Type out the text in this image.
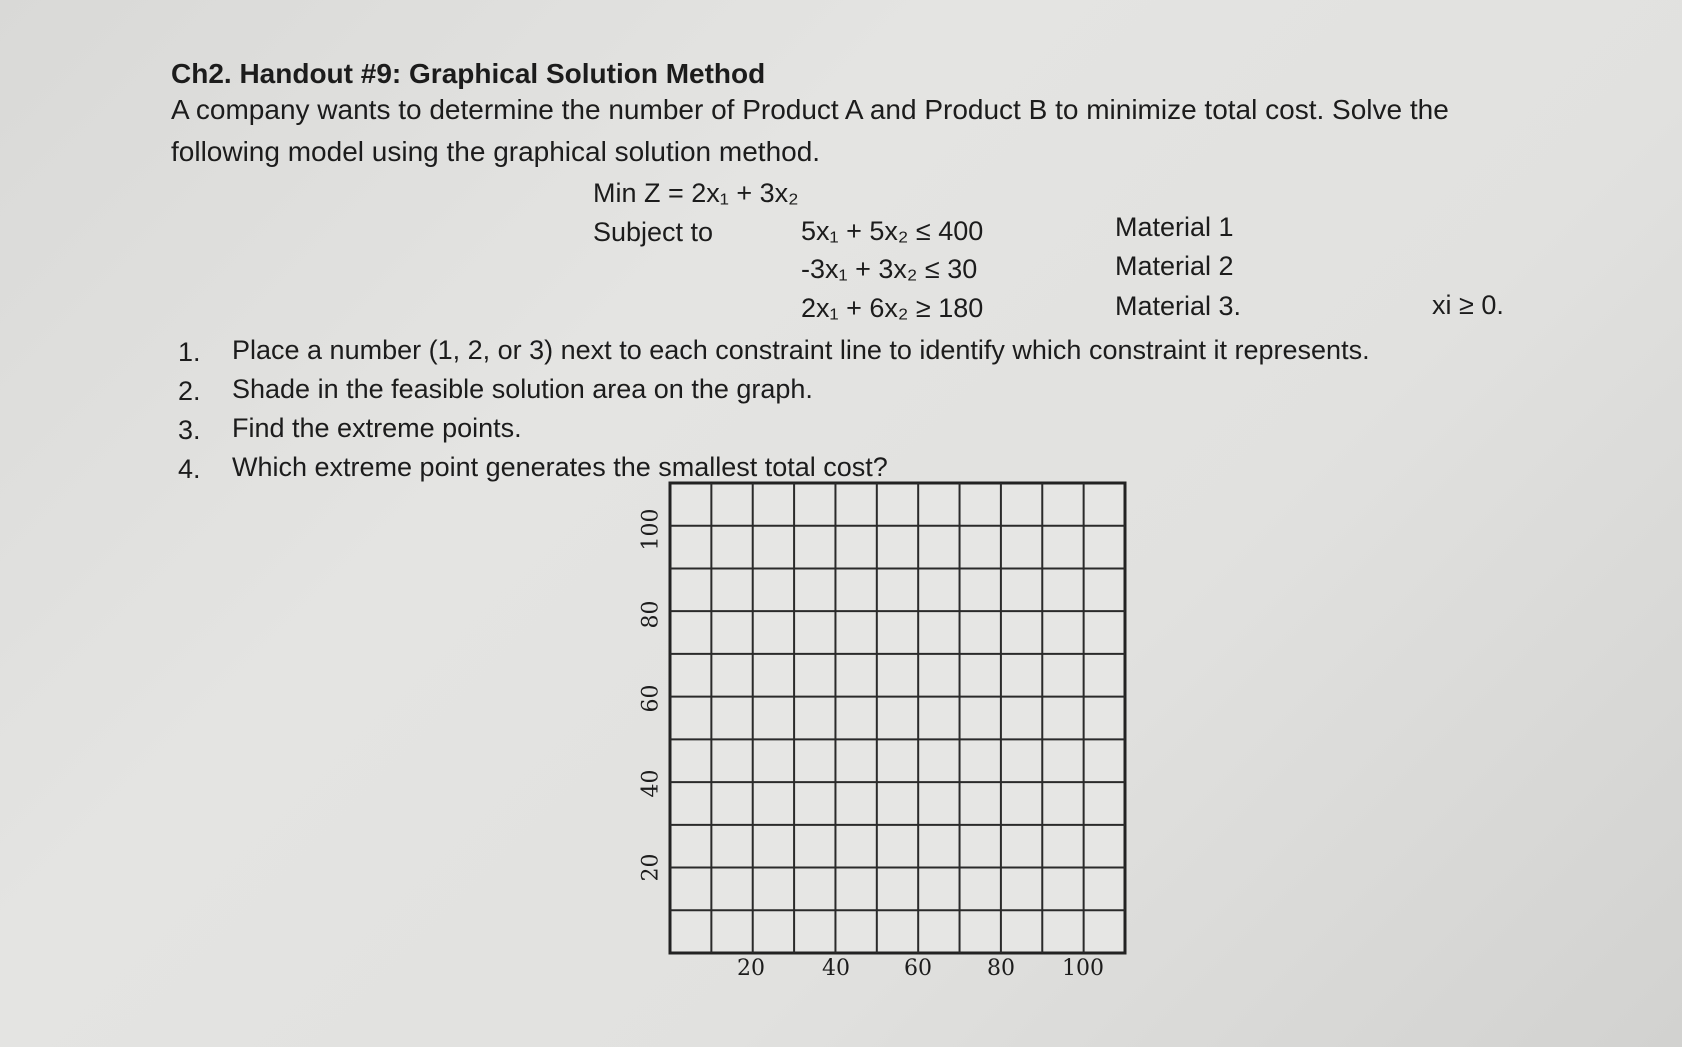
Ch2. Handout #9: Graphical Solution Method
A company wants to determine the number of Product A and Product B to minimize total cost. Solve the
following model using the graphical solution method.
Min Z = 2x₁ + 3x₂
Subject to	5x₁ + 5x₂ ≤ 400	Material 1
-3x₁ + 3x₂ ≤ 30	Material 2
2x₁ + 6x₂ ≥ 180	Material 3.	xi ≥ 0.
1. Place a number (1, 2, or 3) next to each constraint line to identify which constraint it represents.
2. Shade in the feasible solution area on the graph.
3. Find the extreme points.
4. Which extreme point generates the smallest total cost?
20	40 60	80 100
20
40
60
80
100
